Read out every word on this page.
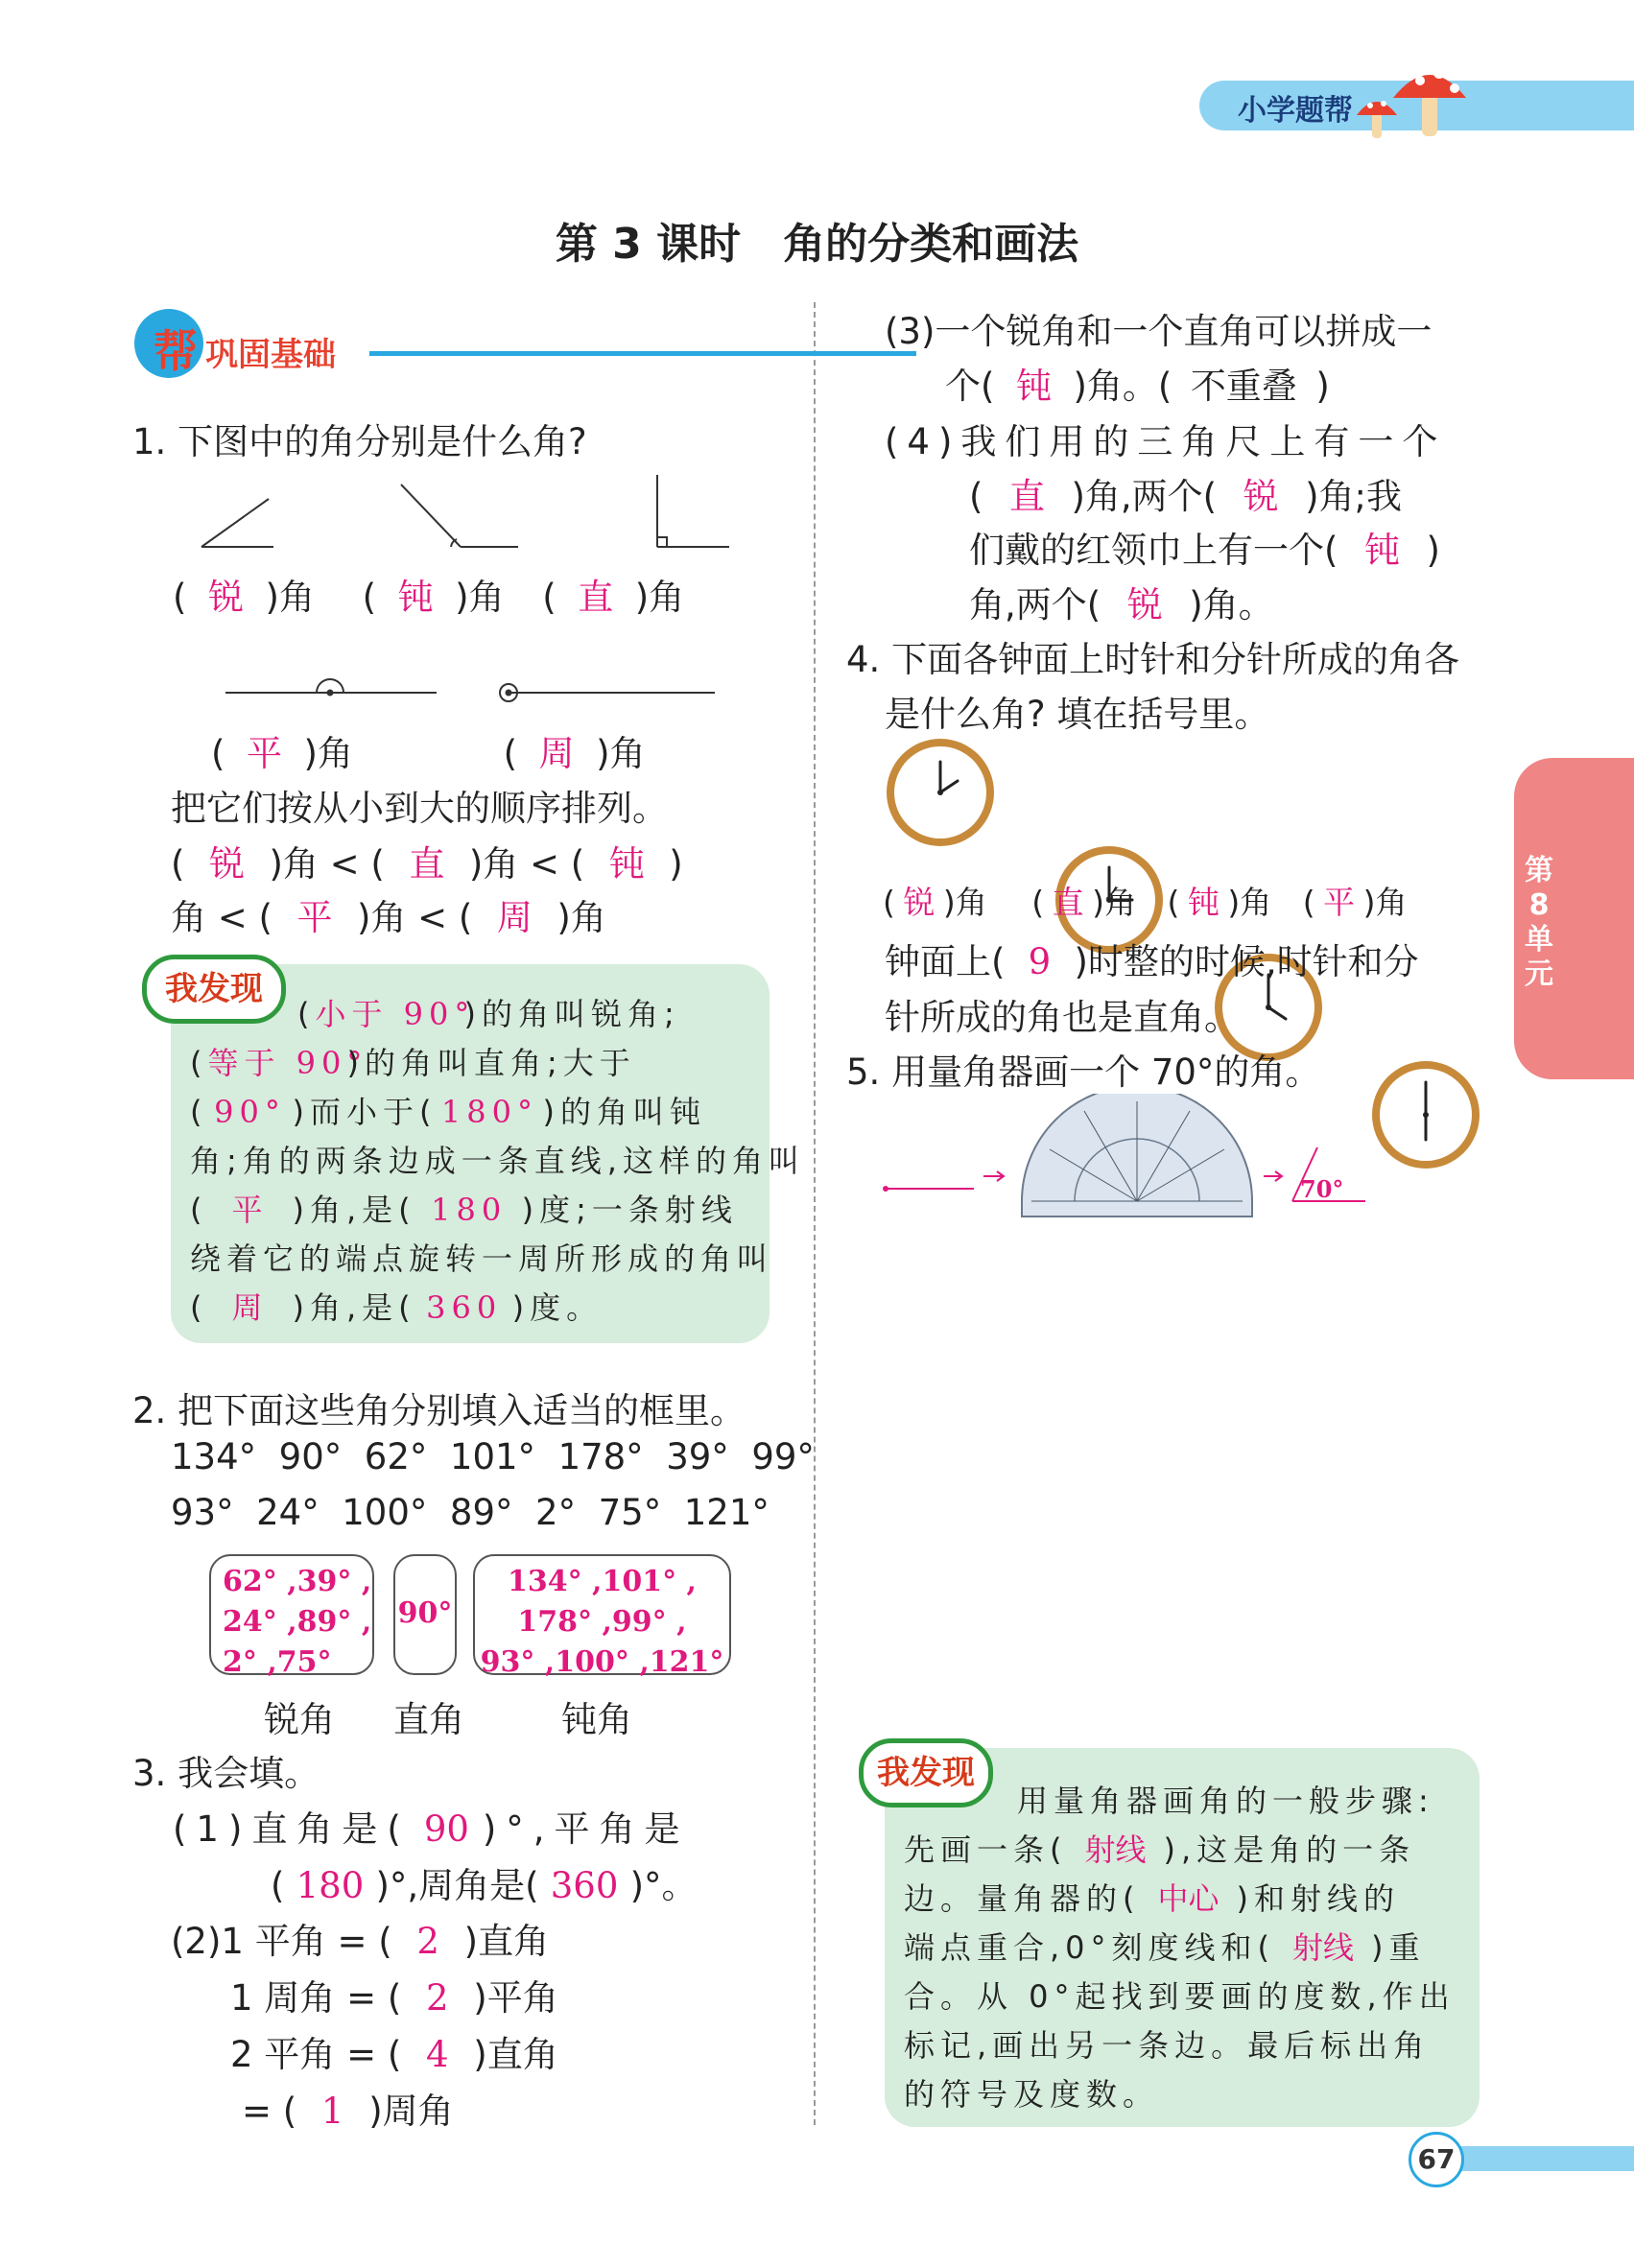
小学题帮
第 3 课时　角的分类和画法
第
8
单
元
帮 巩固基础
1. 下图中的角分别是什么角?
( 锐 )角 ( 钝 )角 ( 直 )角
( 平 )角	( 周 )角
把它们按从小到大的顺序排列。
( 锐 )角 < ( 直 )角 < ( 钝 )
角 < ( 平 )角 < ( 周 )角
我发现
(小于 90°)的角叫锐角;
(等于 90°)的角叫直角;大于
( 90° )而小于( 180° )的角叫钝
角;角的两条边成一条直线,这样的角叫
( 平 )角,是( 180 )度;一条射线
绕着它的端点旋转一周所形成的角叫
( 周 )角,是( 360 )度。
2. 把下面这些角分别填入适当的框里。
134° 90° 62° 101° 178° 39° 99°
93° 24° 100° 89° 2° 75° 121°
62° ,39° , 24° ,89° , 2° ,75°
90°
134° ,101° ,
178° ,99° ,
93° ,100° ,121°
锐角 直角	钝角
3. 我会填。
(1)直角是( 90 )°,平角是
( 180 )°,周角是( 360 )°。
(2)1 平角 = ( 2 )直角
1 周角 = ( 2 )平角
2 平角 = ( 4 )直角
= ( 1 )周角
(3)一个锐角和一个直角可以拼成一
个( 钝 )角。( 不重叠 )
(4)我们用的三角尺上有一个
( 直 )角,两个( 锐 )角;我
们戴的红领巾上有一个( 钝 )
角,两个( 锐 )角。
4. 下面各钟面上时针和分针所成的角各
是什么角? 填在括号里。
( 锐 )角 ( 直 )角 ( 钝 )角 ( 平 )角
钟面上( 9 )时整的时候,时针和分
针所成的角也是直角。
5. 用量角器画一个 70°的角。
70°
我发现
用量角器画角的一般步骤:
先画一条( 射线 ),这是角的一条
边。量角器的( 中心 )和射线的
端点重合,0°刻度线和( 射线 )重
合。从 0°起找到要画的度数,作出
标记,画出另一条边。最后标出角
的符号及度数。
67
